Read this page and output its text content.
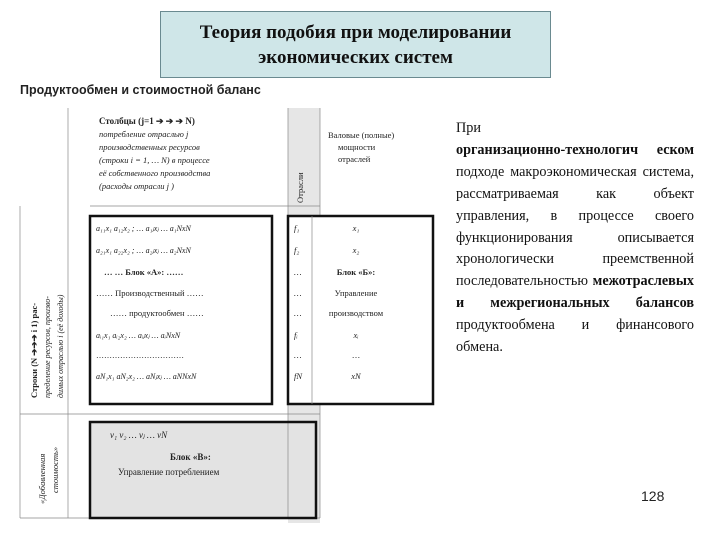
Теория подобия при моделировании
экономических систем
Продуктообмен и стоимостной баланс
Столбцы (j=1 ➔ ➔ ➔ N)
потребление отраслью j
производственных ресурсов
(строки i = 1, … N) в процессе
её собственного производства
(расходы отрасли j )	Отрасли
Валовые (полные)
мощности
отраслей
Строки (N ➔➔➔ i 1) рас- пределение ресурсов, произво- димых отраслью i (её доходы)
a₁₁x₁ a₁₂x₂ ; … a₁ⱼxⱼ … a₁NxN
a₂₁x₁ a₂₂x₂ ; … a₂ⱼxⱼ … a₂NxN
… … Блок «А»: ……
…… Производственный ……
…… продуктообмен ……
aᵢ₁x₁ aᵢ₂x₂ … aᵢⱼxⱼ … aᵢNxN
……………………………
aN₁x₁ aN₂x₂ … aNⱼxⱼ … aNNxN
f₁
f₂
…
…
…
fᵢ
…
fN
x₁
x₂
Блок «Б»:
Управление
производством
xᵢ
…
xN
«Добавленная стоимость»
v₁ v₂ … vⱼ … vN
Блок «В»:
Управление потреблением
При
организационно-технологич еском подходе макроэкономическая система, рассматриваемая как объект управления, в процессе своего функционирования описывается хронологически преемственной последовательностью межотраслевых и межрегиональных балансов продуктообмена и финансового обмена.
128
